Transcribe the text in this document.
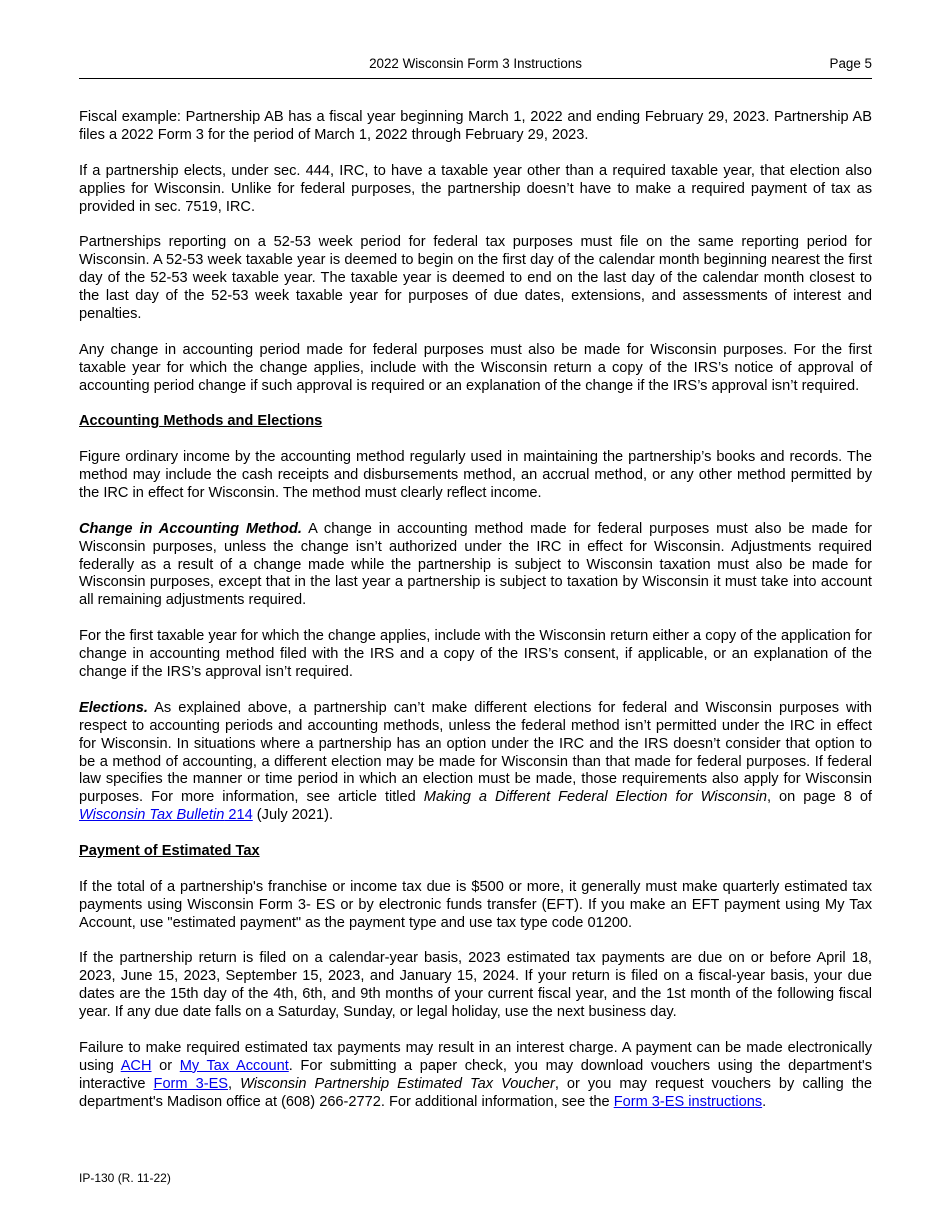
2022 Wisconsin Form 3 Instructions	Page 5

Fiscal example: Partnership AB has a fiscal year beginning March 1, 2022 and ending February 29, 2023. Partnership AB files a 2022 Form 3 for the period of March 1, 2022 through February 29, 2023.

If a partnership elects, under sec. 444, IRC, to have a taxable year other than a required taxable year, that election also applies for Wisconsin. Unlike for federal purposes, the partnership doesn’t have to make a required payment of tax as provided in sec. 7519, IRC.

Partnerships reporting on a 52-53 week period for federal tax purposes must file on the same reporting period for Wisconsin. A 52-53 week taxable year is deemed to begin on the first day of the calendar month beginning nearest the first day of the 52-53 week taxable year. The taxable year is deemed to end on the last day of the calendar month closest to the last day of the 52-53 week taxable year for purposes of due dates, extensions, and assessments of interest and penalties.

Any change in accounting period made for federal purposes must also be made for Wisconsin purposes. For the first taxable year for which the change applies, include with the Wisconsin return a copy of the IRS’s notice of approval of accounting period change if such approval is required or an explanation of the change if the IRS’s approval isn’t required.

Accounting Methods and Elections

Figure ordinary income by the accounting method regularly used in maintaining the partnership’s books and records. The method may include the cash receipts and disbursements method, an accrual method, or any other method permitted by the IRC in effect for Wisconsin. The method must clearly reflect income.

Change in Accounting Method. A change in accounting method made for federal purposes must also be made for Wisconsin purposes, unless the change isn’t authorized under the IRC in effect for Wisconsin. Adjustments required federally as a result of a change made while the partnership is subject to Wisconsin taxation must also be made for Wisconsin purposes, except that in the last year a partnership is subject to taxation by Wisconsin it must take into account all remaining adjustments required.

For the first taxable year for which the change applies, include with the Wisconsin return either a copy of the application for change in accounting method filed with the IRS and a copy of the IRS’s consent, if applicable, or an explanation of the change if the IRS’s approval isn’t required.

Elections. As explained above, a partnership can’t make different elections for federal and Wisconsin purposes with respect to accounting periods and accounting methods, unless the federal method isn’t permitted under the IRC in effect for Wisconsin. In situations where a partnership has an option under the IRC and the IRS doesn’t consider that option to be a method of accounting, a different election may be made for Wisconsin than that made for federal purposes. If federal law specifies the manner or time period in which an election must be made, those requirements also apply for Wisconsin purposes. For more information, see article titled Making a Different Federal Election for Wisconsin, on page 8 of Wisconsin Tax Bulletin 214 (July 2021).

Payment of Estimated Tax

If the total of a partnership's franchise or income tax due is $500 or more, it generally must make quarterly estimated tax payments using Wisconsin Form 3- ES or by electronic funds transfer (EFT). If you make an EFT payment using My Tax Account, use "estimated payment" as the payment type and use tax type code 01200.

If the partnership return is filed on a calendar-year basis, 2023 estimated tax payments are due on or before April 18, 2023, June 15, 2023, September 15, 2023, and January 15, 2024. If your return is filed on a fiscal-year basis, your due dates are the 15th day of the 4th, 6th, and 9th months of your current fiscal year, and the 1st month of the following fiscal year. If any due date falls on a Saturday, Sunday, or legal holiday, use the next business day.

Failure to make required estimated tax payments may result in an interest charge. A payment can be made electronically using ACH or My Tax Account. For submitting a paper check, you may download vouchers using the department's interactive Form 3-ES, Wisconsin Partnership Estimated Tax Voucher, or you may request vouchers by calling the department's Madison office at (608) 266-2772. For additional information, see the Form 3-ES instructions.

IP-130 (R. 11-22)
